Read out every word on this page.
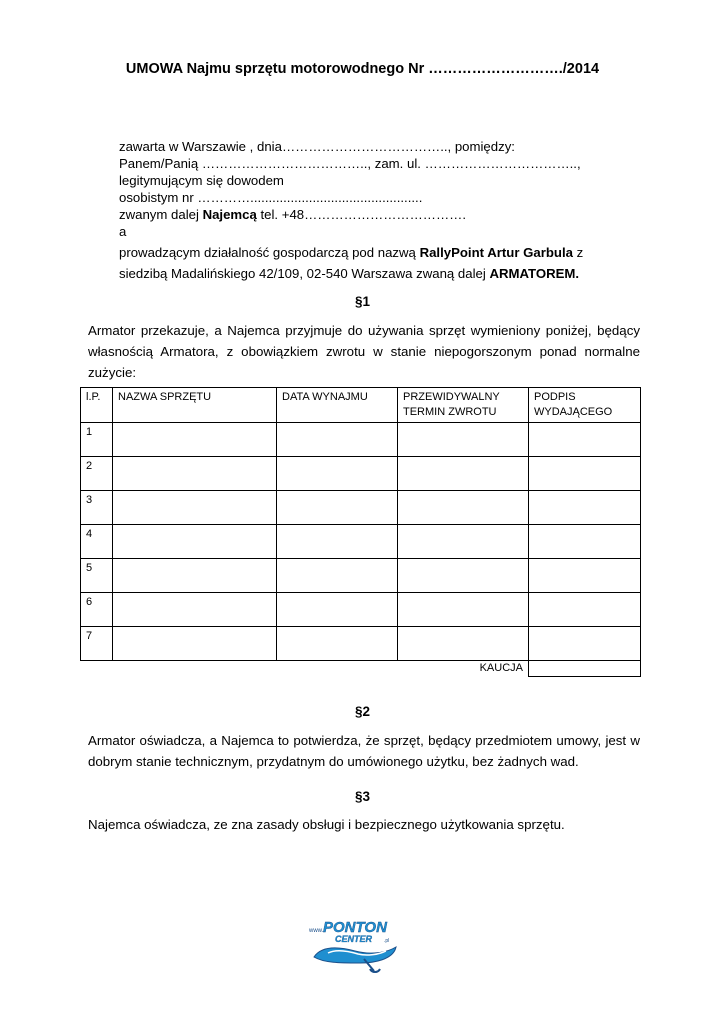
UMOWA Najmu sprzętu motorowodnego Nr ………………………./2014
zawarta w Warszawie , dnia……………………………….., pomiędzy:
Panem/Panią ……………………………….., zam. ul. ……………………………..,
legitymującym się dowodem
osobistym nr …………...............................................
zwanym dalej Najemcą tel. +48……………………………….
a
prowadzącym działalność gospodarczą pod nazwą RallyPoint Artur Garbula z
siedzibą Madalińskiego 42/109, 02-540 Warszawa zwaną dalej ARMATOREM.
§1
Armator przekazuje, a Najemca przyjmuje do używania sprzęt wymieniony poniżej, będący własnością Armatora, z obowiązkiem zwrotu w stanie niepogorszonym ponad normalne zużycie:
l.P.	NAZWA SPRZĘTU	DATA WYNAJMU	PRZEWIDYWALNY TERMIN ZWROTU	PODPIS WYDAJĄCEGO
1				
2				
3				
4				
5				
6				
7				
			KAUCJA	
§2
Armator oświadcza, a Najemca to potwierdza, że sprzęt, będący przedmiotem umowy, jest w dobrym stanie technicznym, przydatnym do umówionego użytku, bez żadnych wad.
§3
Najemca oświadcza, ze zna zasady obsługi i bezpiecznego użytkowania sprzętu.
www. PONTON
CENTER .pl
